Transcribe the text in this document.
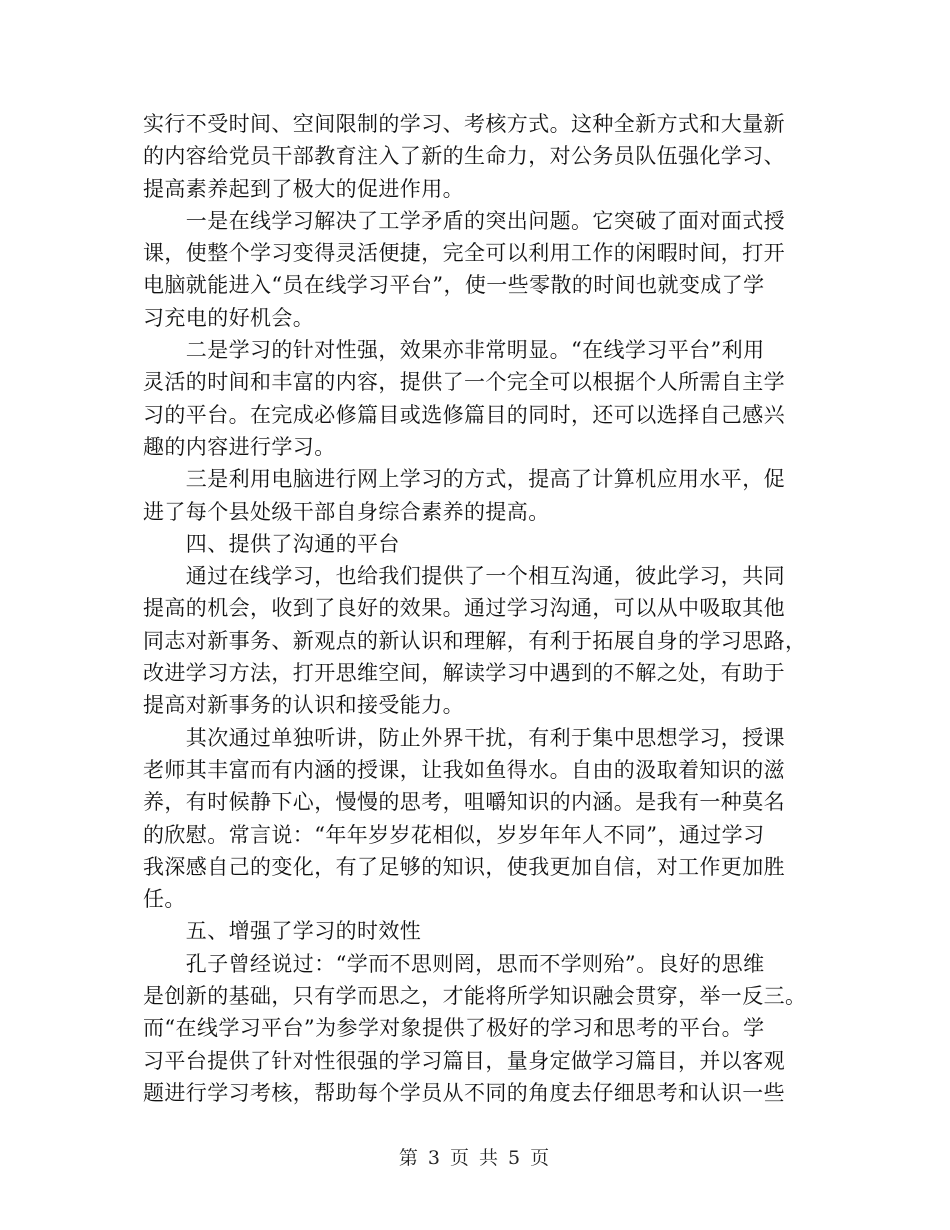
实行不受时间、空间限制的学习、考核方式。这种全新方式和大量新
的内容给党员干部教育注入了新的生命力，对公务员队伍强化学习、
提高素养起到了极大的促进作用。
　　一是在线学习解决了工学矛盾的突出问题。它突破了面对面式授
课，使整个学习变得灵活便捷，完全可以利用工作的闲暇时间，打开
电脑就能进入“员在线学习平台”，使一些零散的时间也就变成了学
习充电的好机会。
　　二是学习的针对性强，效果亦非常明显。“在线学习平台”利用
灵活的时间和丰富的内容，提供了一个完全可以根据个人所需自主学
习的平台。在完成必修篇目或选修篇目的同时，还可以选择自己感兴
趣的内容进行学习。
　　三是利用电脑进行网上学习的方式，提高了计算机应用水平，促
进了每个县处级干部自身综合素养的提高。
　　四、提供了沟通的平台
　　通过在线学习，也给我们提供了一个相互沟通，彼此学习，共同
提高的机会，收到了良好的效果。通过学习沟通，可以从中吸取其他
同志对新事务、新观点的新认识和理解，有利于拓展自身的学习思路，
改进学习方法，打开思维空间，解读学习中遇到的不解之处，有助于
提高对新事务的认识和接受能力。
　　其次通过单独听讲，防止外界干扰，有利于集中思想学习，授课
老师其丰富而有内涵的授课，让我如鱼得水。自由的汲取着知识的滋
养，有时候静下心，慢慢的思考，咀嚼知识的内涵。是我有一种莫名
的欣慰。常言说：“年年岁岁花相似，岁岁年年人不同”，通过学习
我深感自己的变化，有了足够的知识，使我更加自信，对工作更加胜
任。
　　五、增强了学习的时效性
　　孔子曾经说过：“学而不思则罔，思而不学则殆”。良好的思维
是创新的基础，只有学而思之，才能将所学知识融会贯穿，举一反三。
而“在线学习平台”为参学对象提供了极好的学习和思考的平台。学
习平台提供了针对性很强的学习篇目，量身定做学习篇目，并以客观
题进行学习考核，帮助每个学员从不同的角度去仔细思考和认识一些
第 3 页 共 5 页
